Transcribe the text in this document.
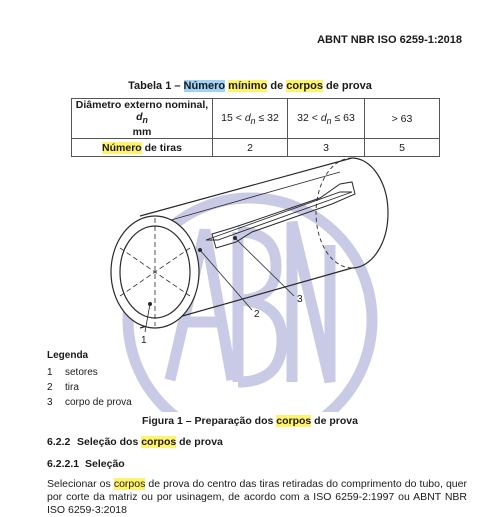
ABNT NBR ISO 6259-1:2018
Tabela 1 – Número mínimo de corpos de prova
Diâmetro externo nominal, $d_n$
mm	$15 < d_n \le 32$	$32 < d_n \le 63$	> 63
Número de tiras	2	3	5
1
2
3
Legenda
1 setores
2 tira
3 corpo de prova
Figura 1 – Preparação dos corpos de prova
6.2.2 Seleção dos corpos de prova
6.2.2.1 Seleção
Selecionar os corpos de prova do centro das tiras retiradas do comprimento do tubo, quer por corte da matriz ou por usinagem, de acordo com a ISO 6259-2:1997 ou ABNT NBR ISO 6259-3:2018
